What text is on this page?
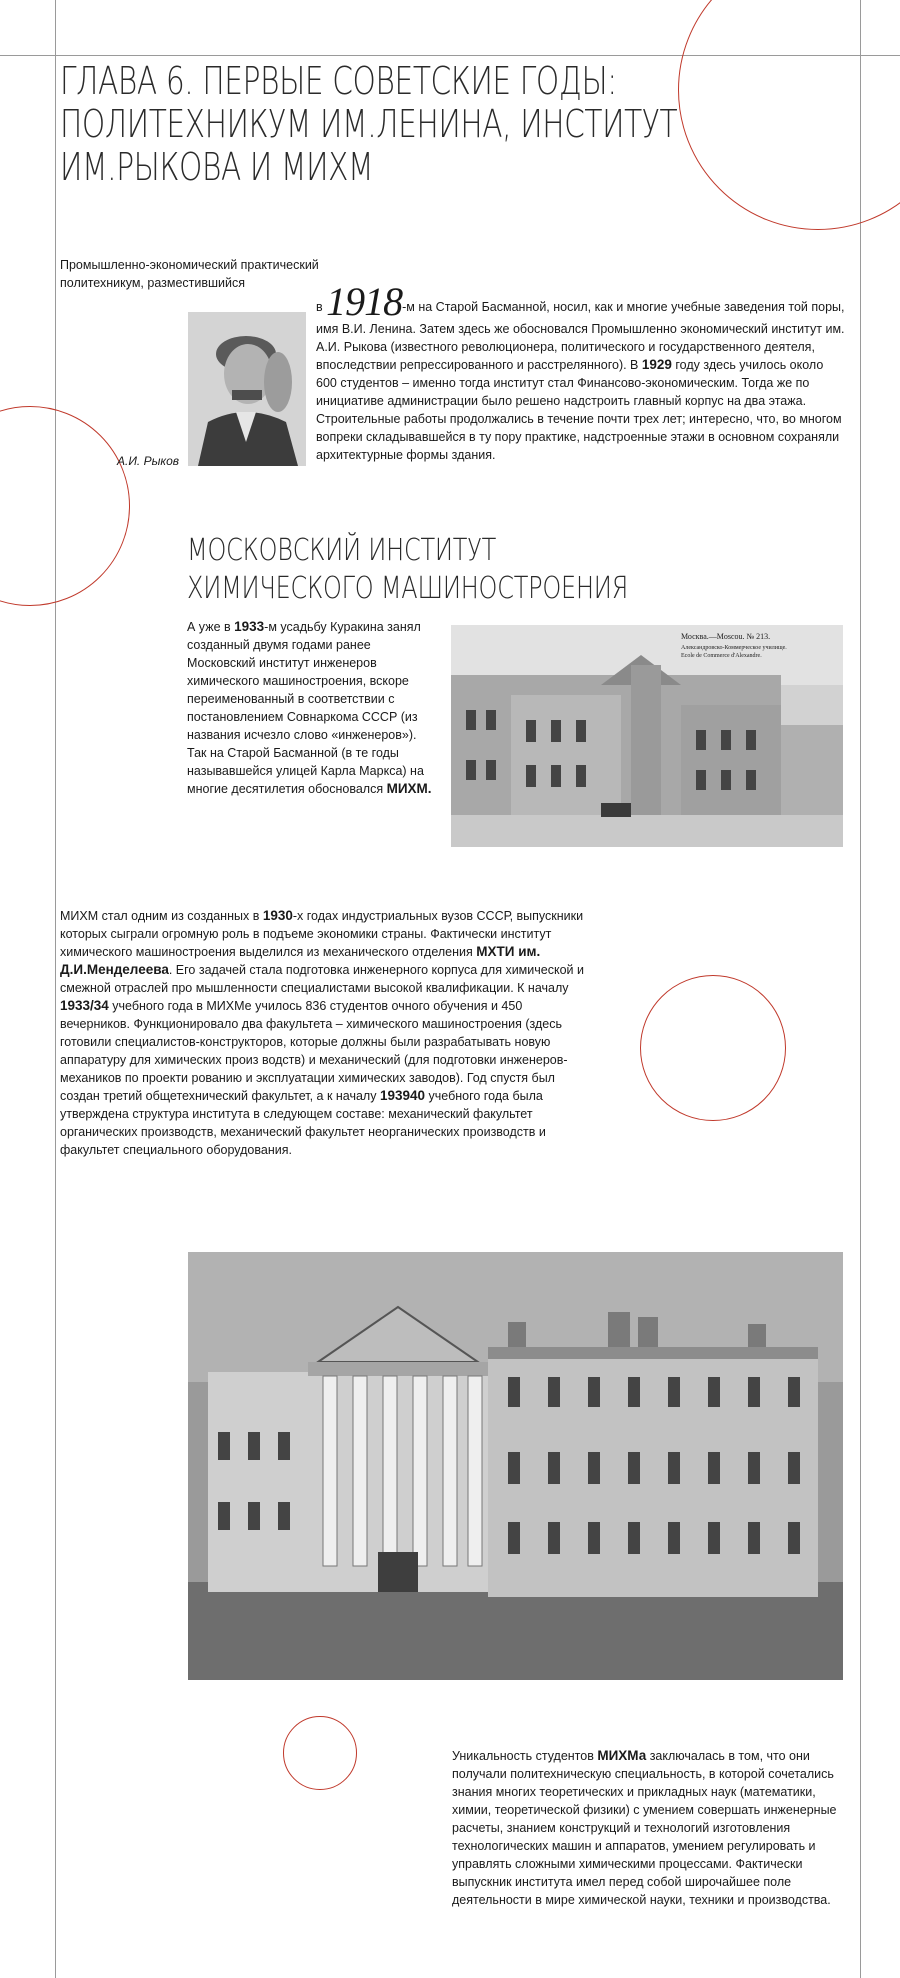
ГЛАВА 6. ПЕРВЫЕ СОВЕТСКИЕ ГОДЫ: ПОЛИТЕХНИКУМ ИМ.ЛЕНИНА, ИНСТИТУТ ИМ.РЫКОВА И МИХМ
Промышленно-экономический практический политехникум, разместившийся
А.И. Рыков
в 1918-м на Старой Басманной, носил, как и многие учебные заведения той поры, имя В.И. Ленина. Затем здесь же обосновался Промышленно экономический институт им. А.И. Рыкова (известного революционера, политического и государственного деятеля, впоследствии репрессированного и расстрелянного). В 1929 году здесь училось около 600 студентов – именно тогда институт стал Финансово-экономическим. Тогда же по инициативе администрации было решено надстроить главный корпус на два этажа. Строительные работы продолжались в течение почти трех лет; интересно, что, во многом вопреки складывавшейся в ту пору практике, надстроенные этажи в основном сохраняли архитектурные формы здания.
МОСКОВСКИЙ ИНСТИТУТ
ХИМИЧЕСКОГО МАШИНОСТРОЕНИЯ
А уже в 1933-м усадьбу Куракина занял созданный двумя годами ранее Московский институт инженеров химического машиностроения, вскоре переименованный в соответствии с постановлением Совнаркома СССР (из названия исчезло слово «инженеров»). Так на Старой Басманной (в те годы называвшейся улицей Карла Маркса) на многие десятилетия обосновался МИХМ.
Москва.—Moscou. № 213.
Александровско-Коммерческое училище.
Ecole de Commerce d'Alexandre.
МИХМ стал одним из созданных в 1930-х годах индустриальных вузов СССР, выпускники которых сыграли огромную роль в подъеме экономики страны. Фактически институт химического машиностроения выделился из механического отделения МХТИ им. Д.И.Менделеева. Его задачей стала подготовка инженерного корпуса для химической и смежной отраслей про мышленности специалистами высокой квалификации. К началу 1933/34 учебного года в МИХМе училось 836 студентов очного обучения и 450 вечерников. Функционировало два факультета – химического машиностроения (здесь готовили специалистов-конструкторов, которые должны были разрабатывать новую аппаратуру для химических произ водств) и механический (для подготовки инженеров-механиков по проекти рованию и эксплуатации химических заводов). Год спустя был создан третий общетехнический факультет, а к началу 193940 учебного года была утверждена структура института в следующем составе: механический факультет органических производств, механический факультет неорганических производств и факультет специального оборудования.
Уникальность студентов МИХМа заключалась в том, что они получали политехническую специальность, в которой сочетались знания многих теоретических и прикладных наук (математики, химии, теоретической физики) с умением совершать инженерные расчеты, знанием конструкций и технологий изготовления технологических машин и аппаратов, умением регулировать и управлять сложными химическими процессами. Фактически выпускник института имел перед собой широчайшее поле деятельности в мире химической науки, техники и производства.
